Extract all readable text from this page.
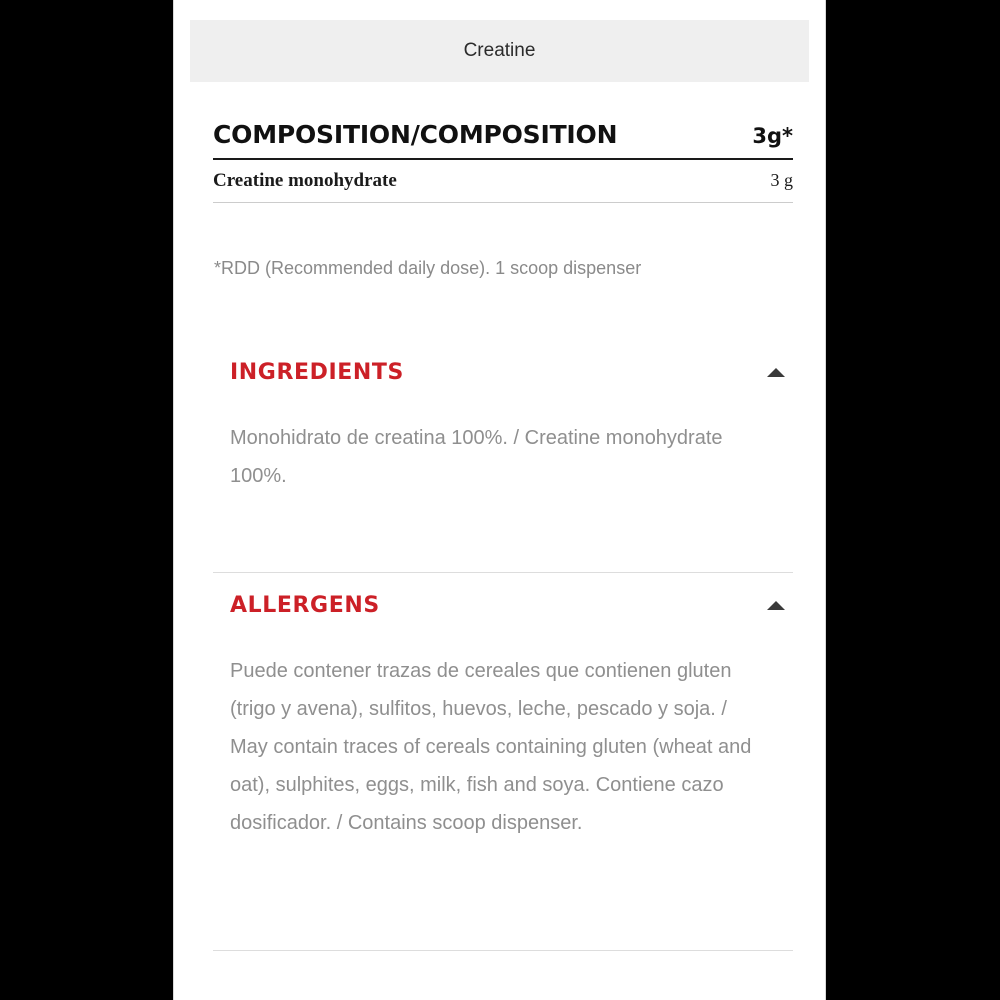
Creatine
COMPOSITION/COMPOSITION	3g*
Creatine monohydrate	3 g
*RDD (Recommended daily dose). 1 scoop dispenser
INGREDIENTS
Monohidrato de creatina 100%. / Creatine monohydrate 100%.
ALLERGENS
Puede contener trazas de cereales que contienen gluten (trigo y avena), sulfitos, huevos, leche, pescado y soja. / May contain traces of cereals containing gluten (wheat and oat), sulphites, eggs, milk, fish and soya. Contiene cazo dosificador. / Contains scoop dispenser.
